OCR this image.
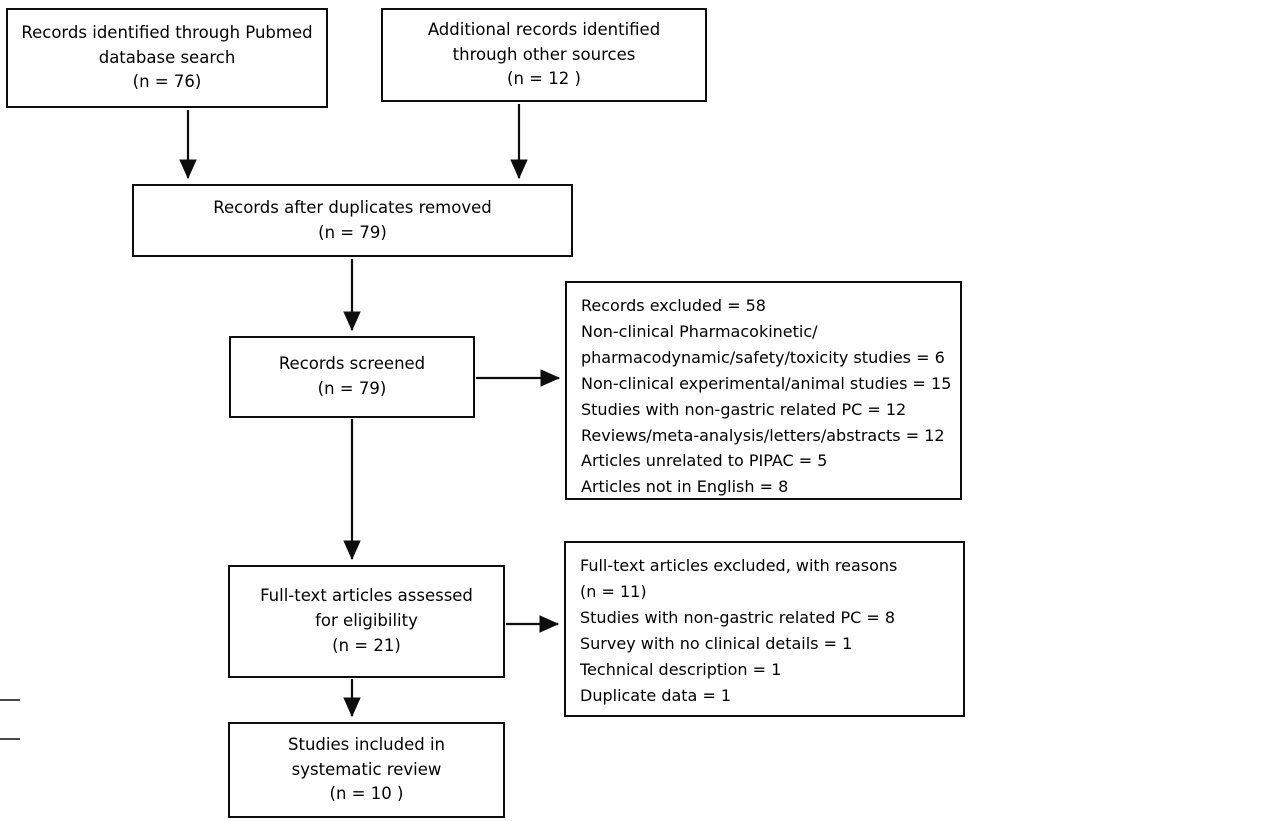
Records identified through Pubmed
database search
(n = 76)
Additional records identified
through other sources
(n = 12 )
Records after duplicates removed
(n = 79)
Records screened
(n = 79)
Records excluded = 58
Non-clinical Pharmacokinetic/
pharmacodynamic/safety/toxicity studies = 6
Non-clinical experimental/animal studies = 15
Studies with non-gastric related PC = 12
Reviews/meta-analysis/letters/abstracts = 12
Articles unrelated to PIPAC = 5
Articles not in English = 8
Full-text articles assessed
for eligibility
(n = 21)
Full-text articles excluded, with reasons
(n = 11)
Studies with non-gastric related PC = 8
Survey with no clinical details = 1
Technical description = 1
Duplicate data = 1
Studies included in
systematic review
(n = 10 )
